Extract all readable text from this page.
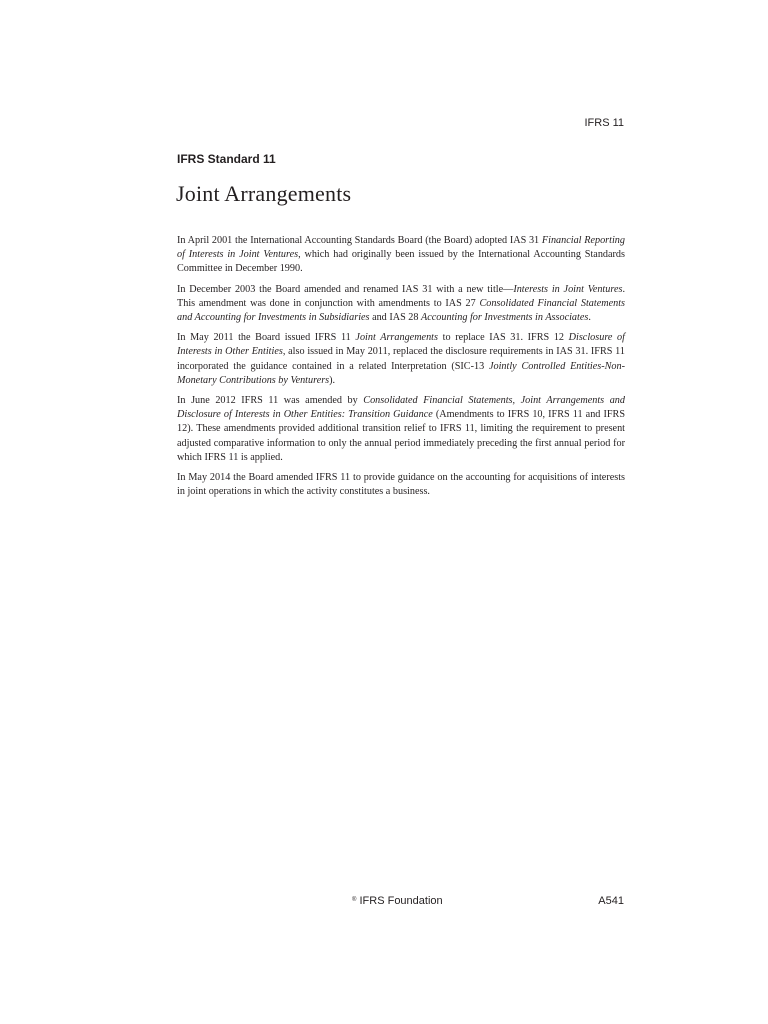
IFRS 11
IFRS Standard 11
Joint Arrangements

In April 2001 the International Accounting Standards Board (the Board) adopted IAS 31 Financial Reporting of Interests in Joint Ventures, which had originally been issued by the International Accounting Standards Committee in December 1990.

In December 2003 the Board amended and renamed IAS 31 with a new title—Interests in Joint Ventures. This amendment was done in conjunction with amendments to IAS 27 Consolidated Financial Statements and Accounting for Investments in Subsidiaries and IAS 28 Accounting for Investments in Associates.

In May 2011 the Board issued IFRS 11 Joint Arrangements to replace IAS 31. IFRS 12 Disclosure of Interests in Other Entities, also issued in May 2011, replaced the disclosure requirements in IAS 31. IFRS 11 incorporated the guidance contained in a related Interpretation (SIC-13 Jointly Controlled Entities-Non-Monetary Contributions by Venturers).

In June 2012 IFRS 11 was amended by Consolidated Financial Statements, Joint Arrangements and Disclosure of Interests in Other Entities: Transition Guidance (Amendments to IFRS 10, IFRS 11 and IFRS 12). These amendments provided additional transition relief to IFRS 11, limiting the requirement to present adjusted comparative information to only the annual period immediately preceding the first annual period for which IFRS 11 is applied.

In May 2014 the Board amended IFRS 11 to provide guidance on the accounting for acquisitions of interests in joint operations in which the activity constitutes a business.

® IFRS Foundation	A541
